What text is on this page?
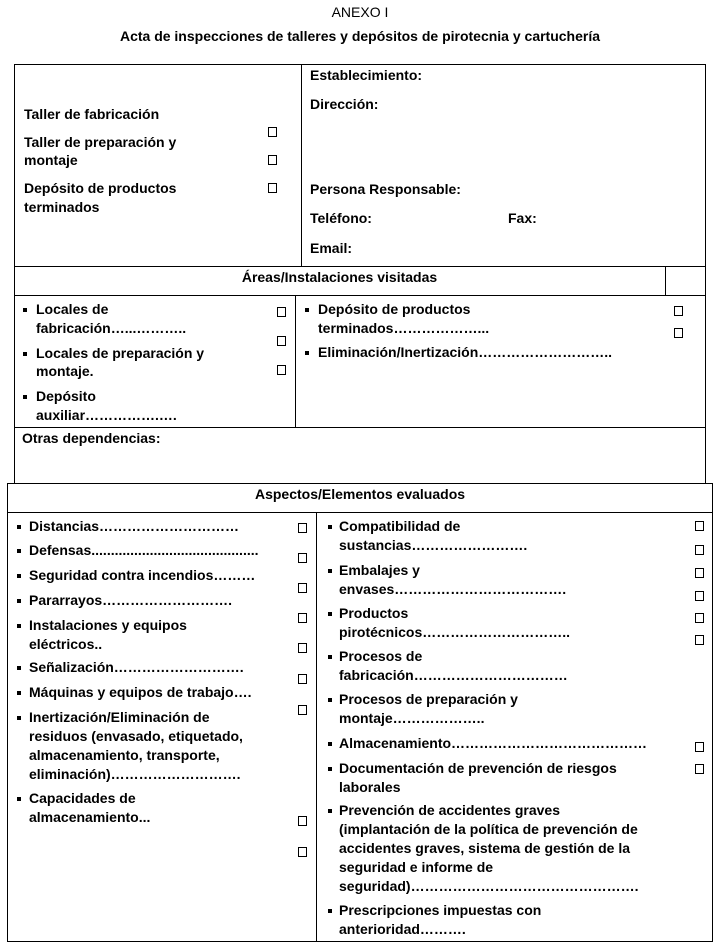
ANEXO I
Acta de inspecciones de talleres y depósitos de pirotecnia y cartuchería
Taller de fabricación
Taller de preparación y
montaje
Depósito de productos
terminados
Establecimiento:
Dirección:
Persona Responsable:
Teléfono:	Fax:
Email:
Áreas/Instalaciones visitadas
Locales de
fabricación…...………..
Locales de preparación y
montaje.
Depósito
auxiliar…………….….
Depósito de productos
terminados………………...
Eliminación/Inertización………………………..
Otras dependencias:
Aspectos/Elementos evaluados
Distancias…………………………
Defensas...........................................
Seguridad contra incendios………
Pararrayos……………………….
Instalaciones y equipos
eléctricos..
Señalización……………………….
Máquinas y equipos de trabajo….
Inertización/Eliminación de
residuos (envasado, etiquetado,
almacenamiento, transporte,
eliminación)……………………….
Capacidades de
almacenamiento...
Compatibilidad de
sustancias…………………….
Embalajes y
envases……………………………….
Productos
pirotécnicos…………………………..
Procesos de
fabricación……………………………
Procesos de preparación y
montaje………………..
Almacenamiento……………………………………
Documentación de prevención de riesgos
laborales
Prevención de accidentes graves
(implantación de la política de prevención de
accidentes graves, sistema de gestión de la
seguridad e informe de
seguridad)………………………………………….
Prescripciones impuestas con
anterioridad……….
